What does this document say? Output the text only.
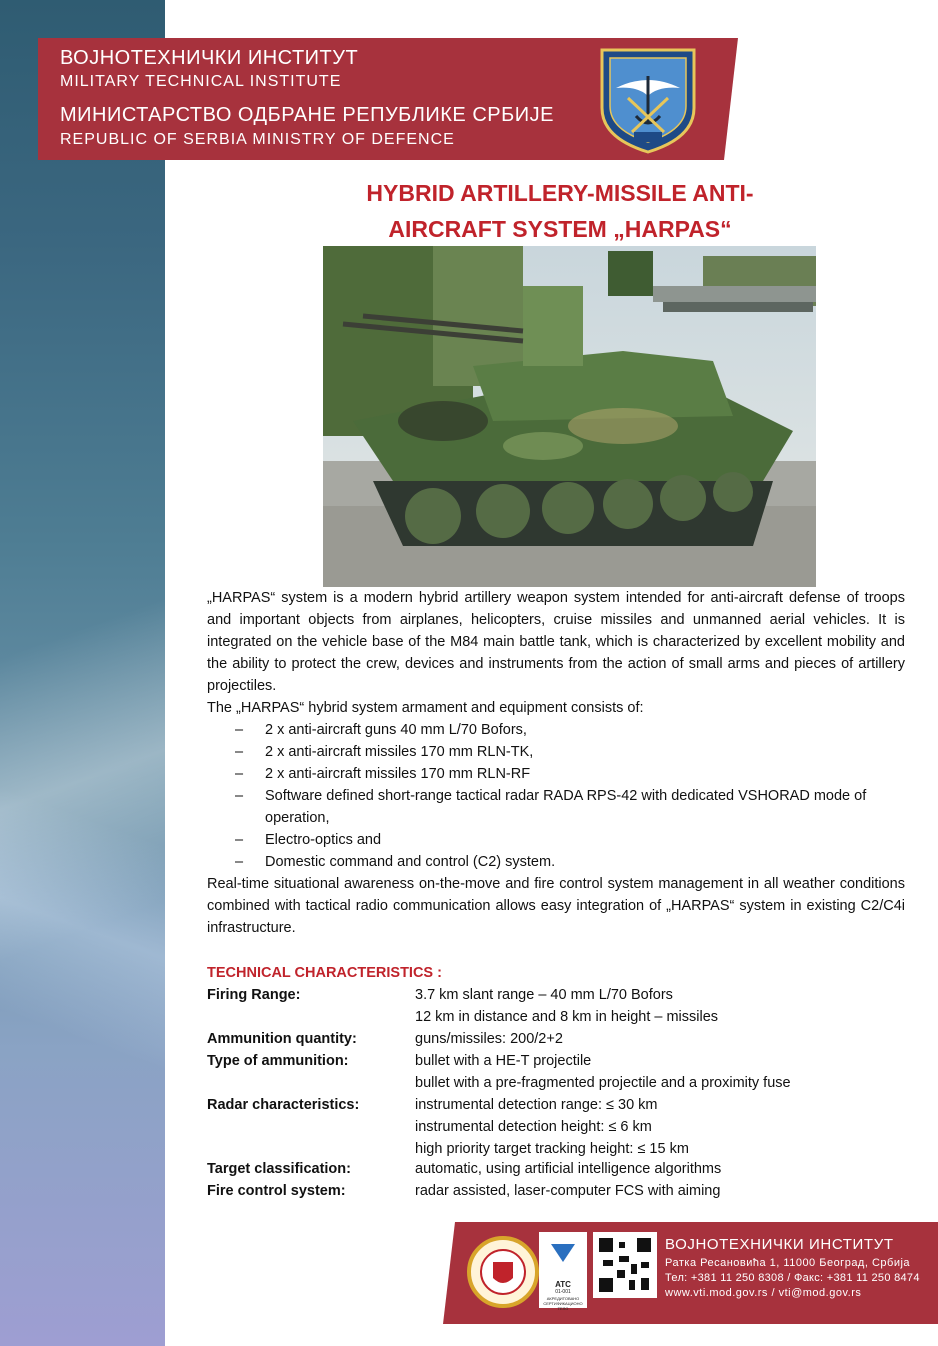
ВОЈНОТЕХНИЧКИ ИНСТИТУТ
MILITARY TECHNICAL INSTITUTE
МИНИСТАРСТВО ОДБРАНЕ РЕПУБЛИКЕ СРБИЈЕ
REPUBLIC OF SERBIA MINISTRY OF DEFENCE
HYBRID ARTILLERY-MISSILE ANTI-
AIRCRAFT SYSTEM „HARPAS“

„HARPAS“ system is a modern hybrid artillery weapon system intended for anti-aircraft defense of troops and important objects from airplanes, helicopters, cruise missiles and unmanned aerial vehicles. It is integrated on the vehicle base of the M84 main battle tank, which is characterized by excellent mobility and the ability to protect the crew, devices and instruments from the action of small arms and pieces of artillery projectiles.

The „HARPAS“ hybrid system armament and equipment consists of:

– 2 x anti-aircraft guns 40 mm L/70 Bofors,
– 2 x anti-aircraft missiles 170 mm RLN-TK,
– 2 x anti-aircraft missiles 170 mm RLN-RF
– Software defined short-range tactical radar RADA RPS-42 with dedicated VSHORAD mode of operation,
– Electro-optics and
– Domestic command and control (C2) system.

Real-time situational awareness on-the-move and fire control system management in all weather conditions combined with tactical radio communication allows easy integration of „HARPAS“ system in existing C2/C4i infrastructure.

TECHNICAL CHARACTERISTICS :
Firing Range:	3.7 km slant range – 40 mm L/70 Bofors
12 km in distance and 8 km in height – missiles
Ammunition quantity:	guns/missiles: 200/2+2
Type of ammunition:	bullet with a HE-T projectile
bullet with a pre-fragmented projectile and a proximity fuse
Radar characteristics:	instrumental detection range: ≤ 30 km
instrumental detection height: ≤ 6 km
high priority target tracking height: ≤ 15 km
Target classification:	automatic, using artificial intelligence algorithms
Fire control system:	radar assisted, laser-computer FCS with aiming
ATC
01-001
АКРЕДИТОВАНО СЕРТИФИКАЦИОНО ТЕЛО
ВОЈНОТЕХНИЧКИ ИНСТИТУТ
Ратка Ресановића 1, 11000 Београд, Србија
Тел: +381 11 250 8308 / Факс: +381 11 250 8474
www.vti.mod.gov.rs / vti@mod.gov.rs
